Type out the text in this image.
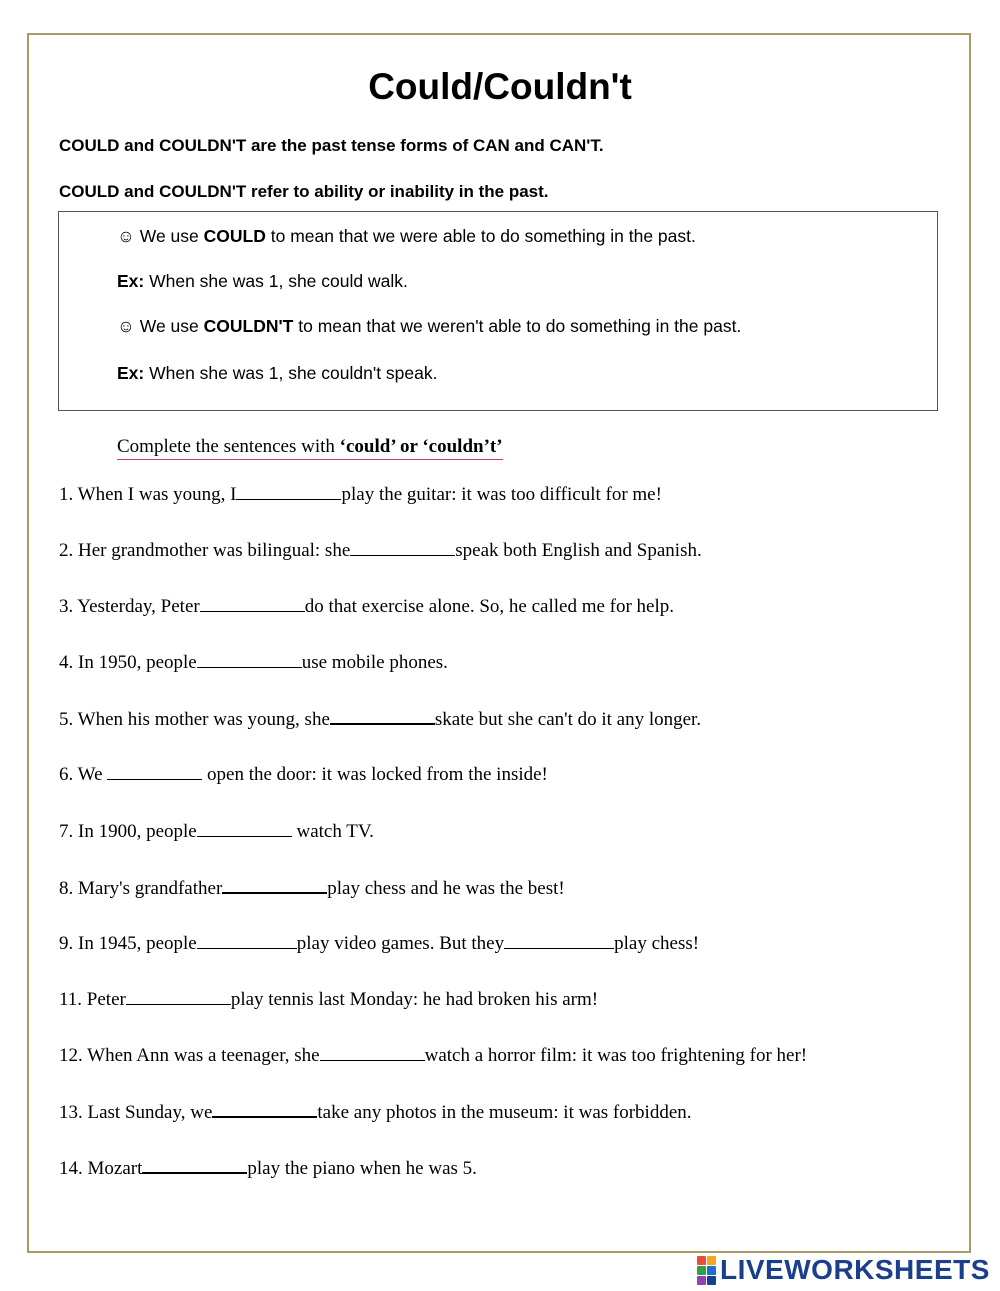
Could/Couldn't
COULD and COULDN'T are the past tense forms of CAN and CAN'T.
COULD and COULDN'T refer to ability or inability in the past.
☺ We use COULD to mean that we were able to do something in the past.
Ex: When she was 1, she could walk.
☺ We use COULDN'T to mean that we weren't able to do something in the past.
Ex: When she was 1, she couldn't speak.
Complete the sentences with ‘could’ or ‘couldn’t’
1. When I was young, I	play the guitar: it was too difficult for me!
2. Her grandmother was bilingual: she	speak both English and Spanish.
3. Yesterday, Peter	do that exercise alone. So, he called me for help.
4. In 1950, people	use mobile phones.
5. When his mother was young, she	skate but she can't do it any longer.
6. We	open the door: it was locked from the inside!
7. In 1900, people	watch TV.
8. Mary's grandfather	play chess and he was the best!
9. In 1945, people	play video games. But they	play chess!
11. Peter	play tennis last Monday: he had broken his arm!
12. When Ann was a teenager, she	watch a horror film: it was too frightening for her!
13. Last Sunday, we	take any photos in the museum: it was forbidden.
14. Mozart	play the piano when he was 5.
LIVEWORKSHEETS
